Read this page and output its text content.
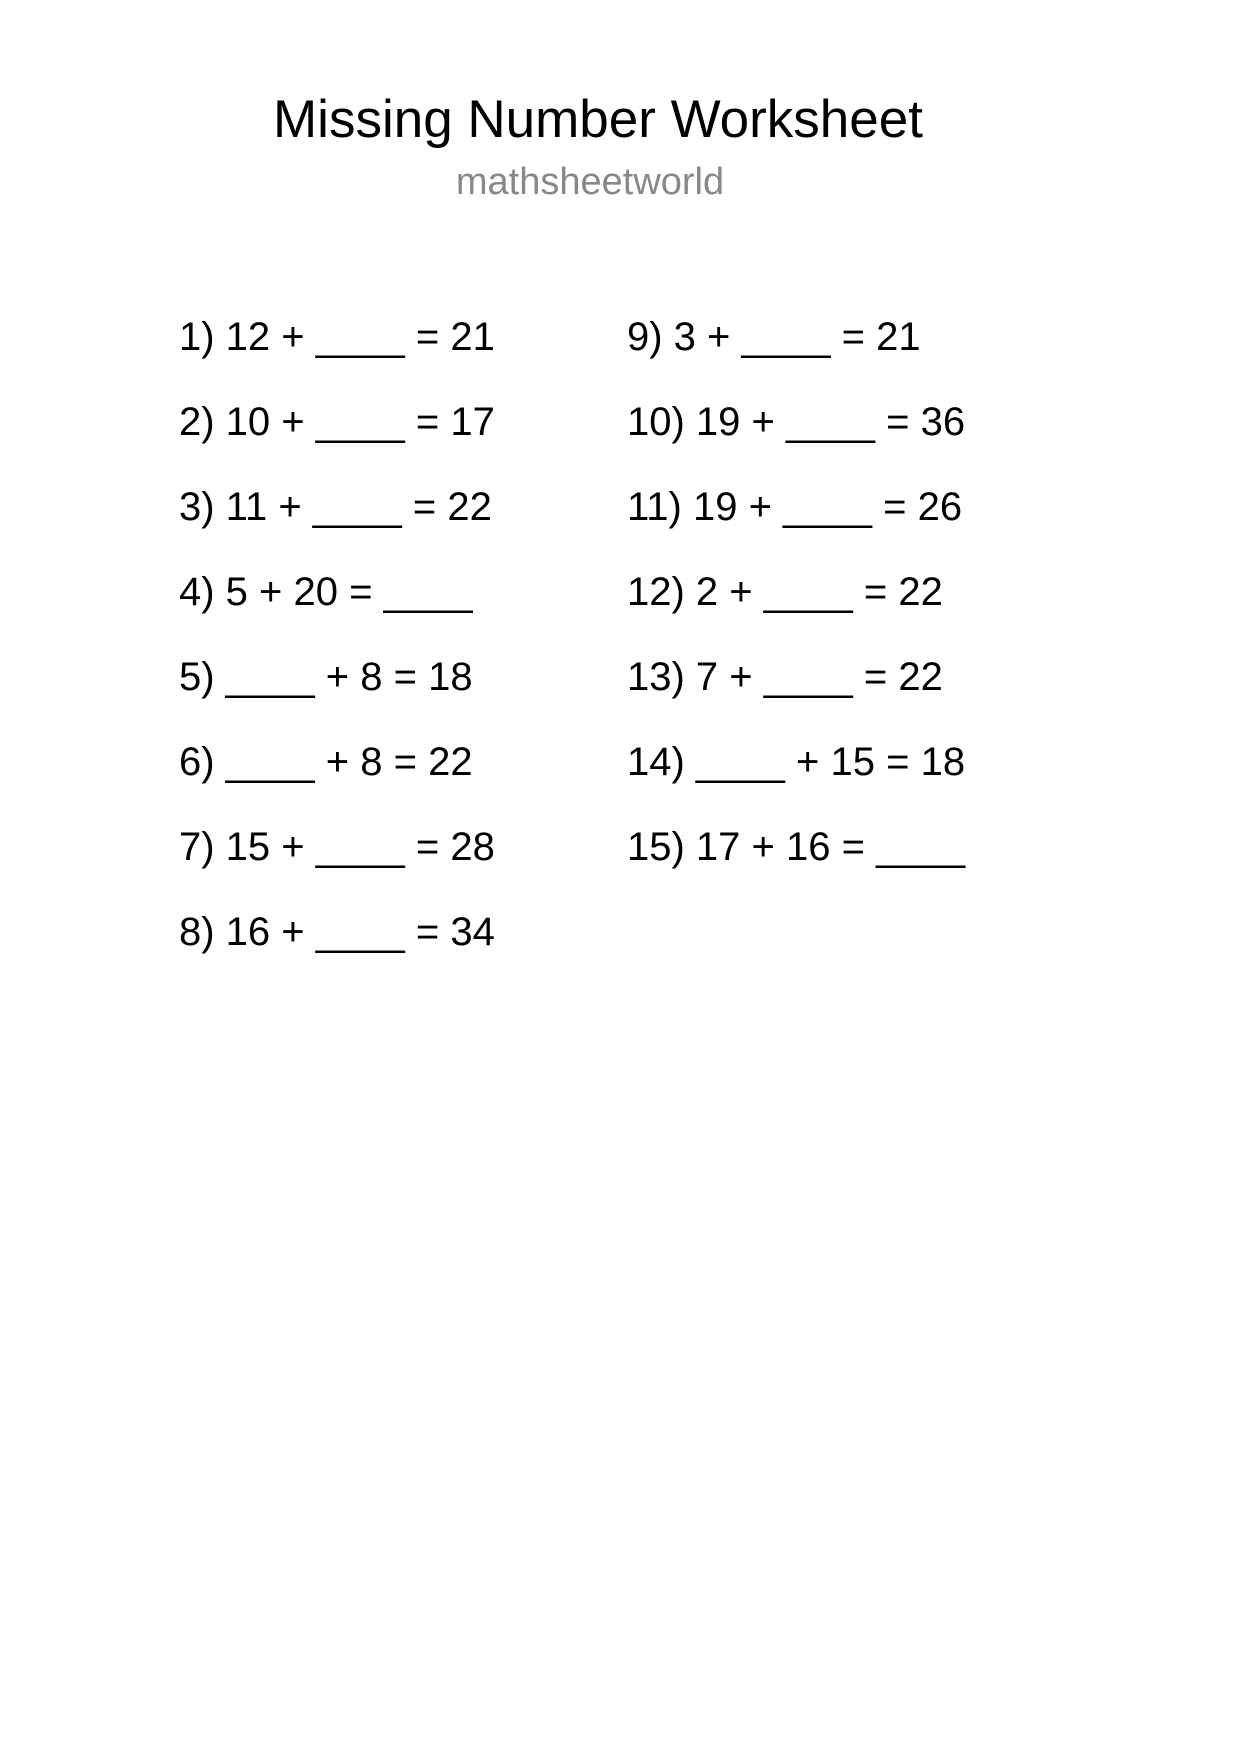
Missing Number Worksheet
mathsheetworld
1) 12 + ____ = 21
2) 10 + ____ = 17
3) 11 + ____ = 22
4) 5 + 20 = ____
5) ____ + 8 = 18
6) ____ + 8 = 22
7) 15 + ____ = 28
8) 16 + ____ = 34
9) 3 + ____ = 21
10) 19 + ____ = 36
11) 19 + ____ = 26
12) 2 + ____ = 22
13) 7 + ____ = 22
14) ____ + 15 = 18
15) 17 + 16 = ____
